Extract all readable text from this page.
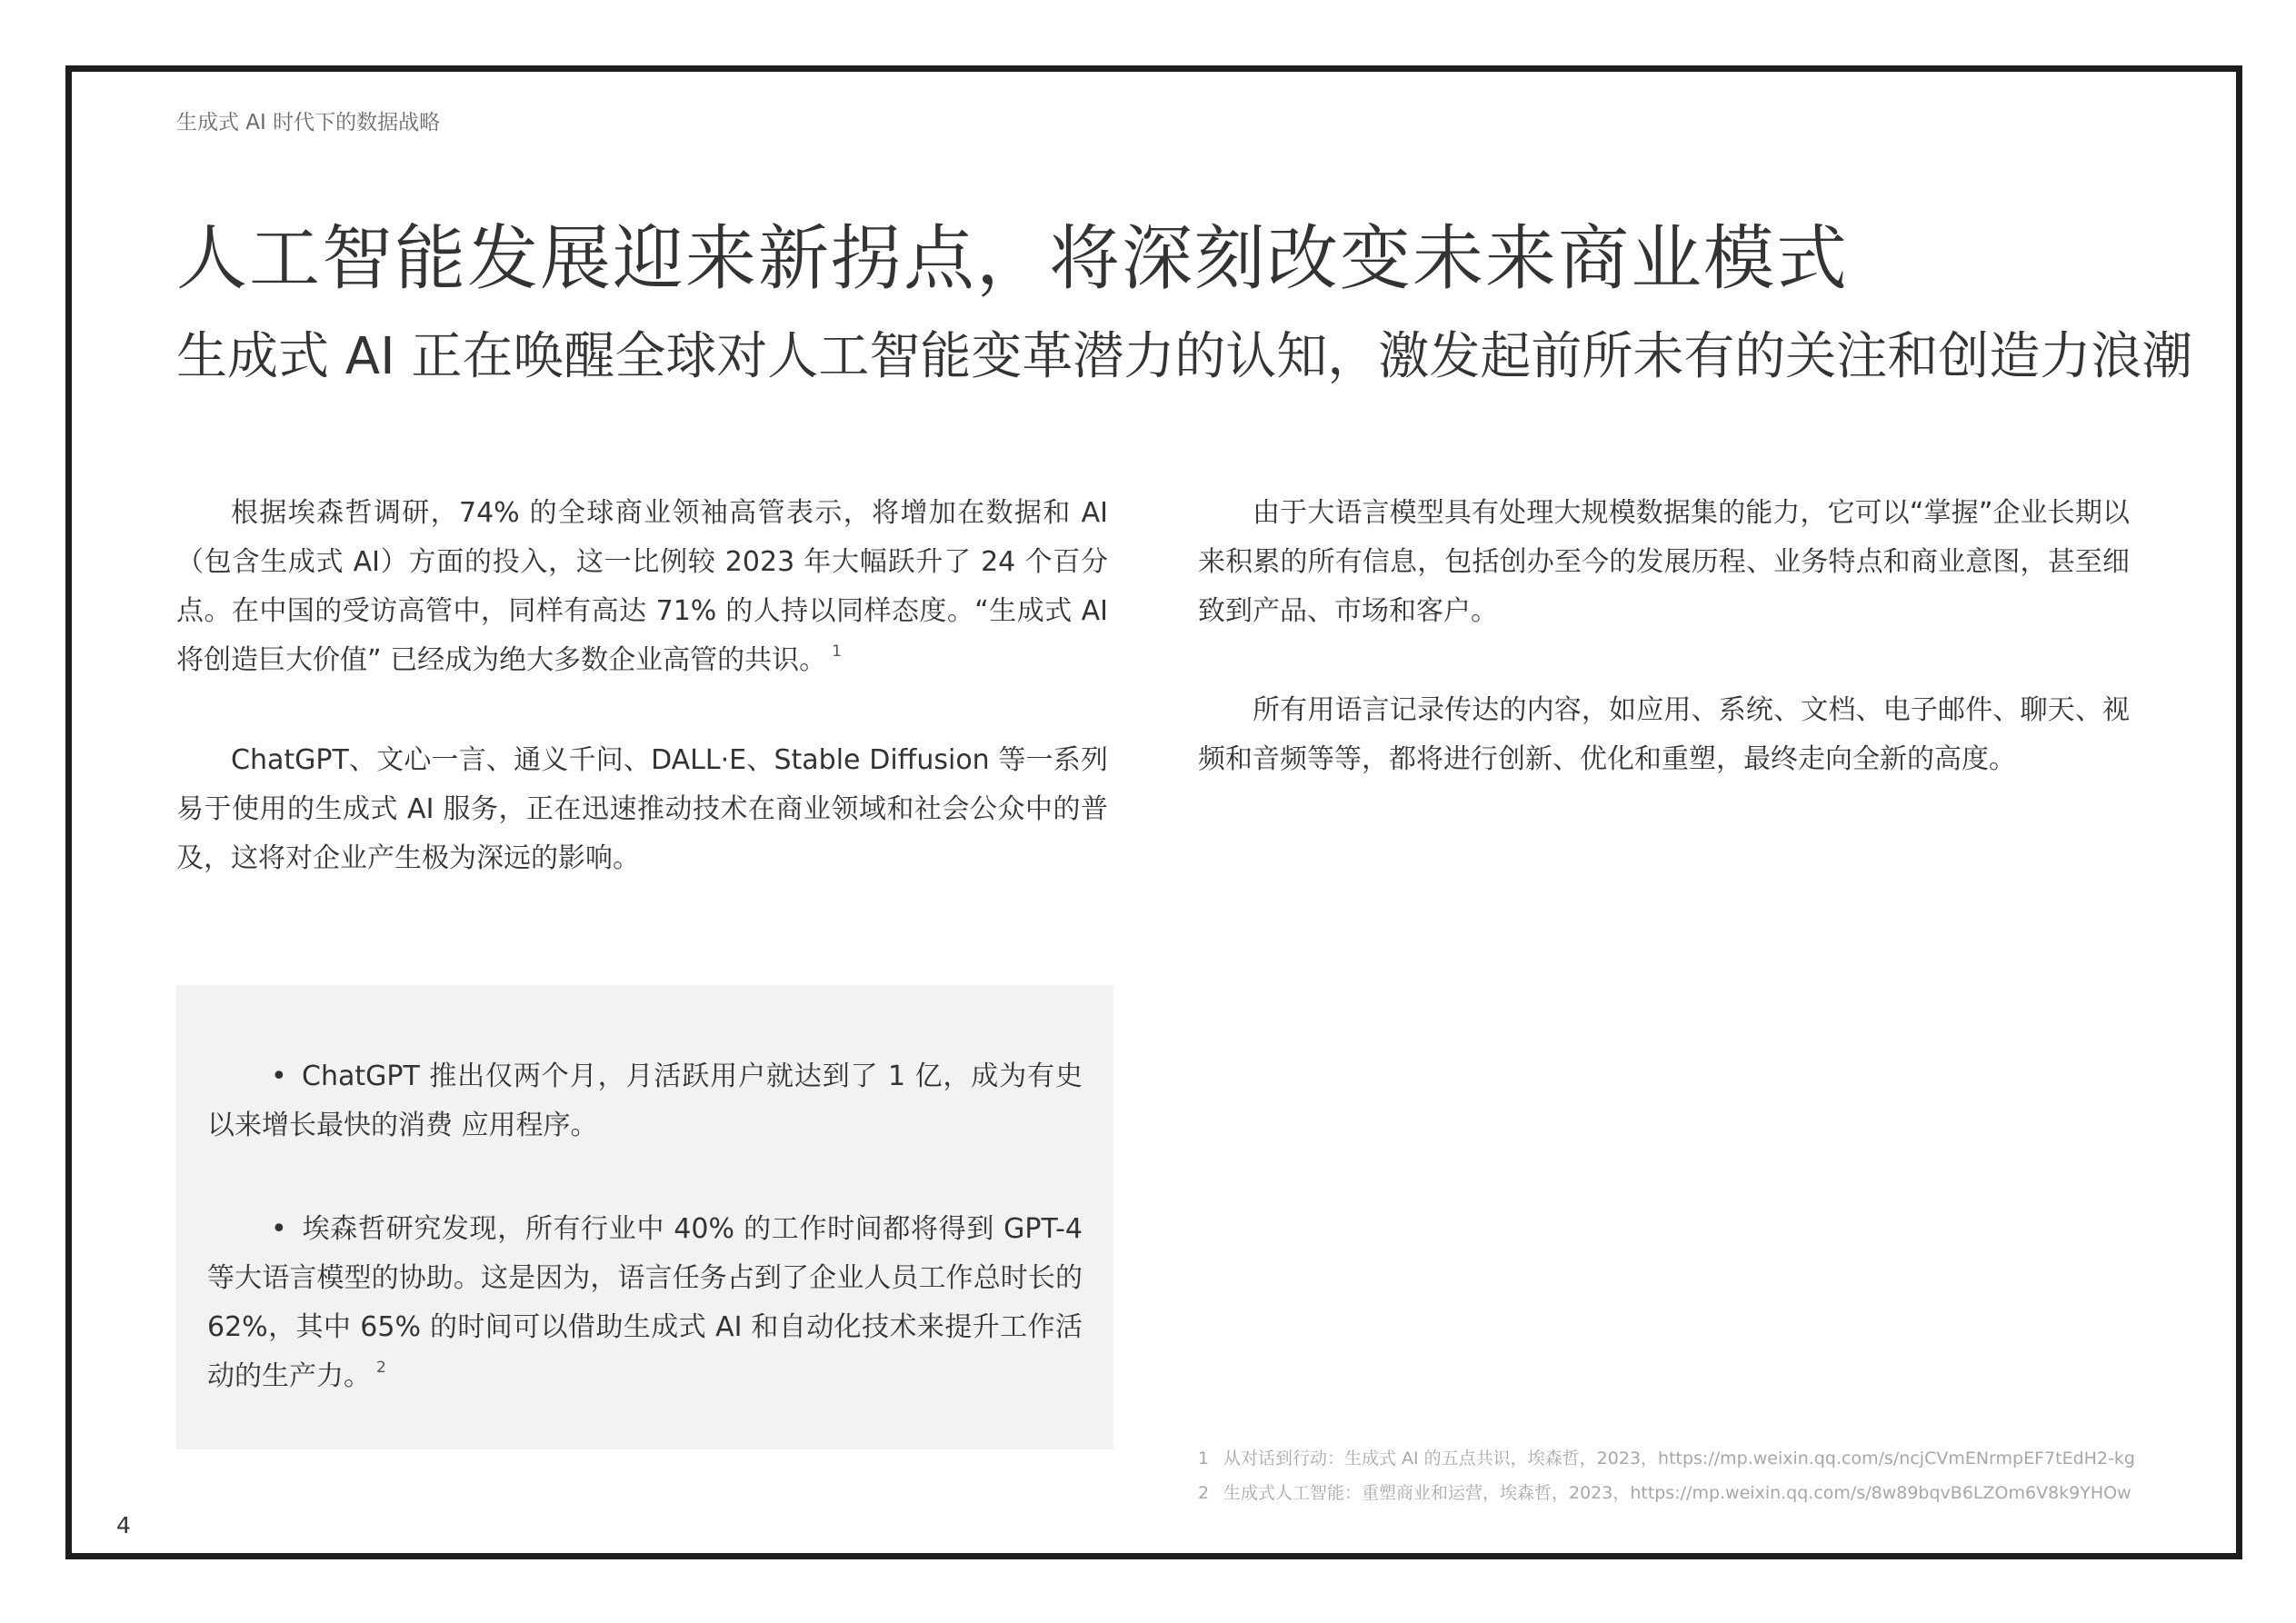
生成式 AI 时代下的数据战略
人工智能发展迎来新拐点，将深刻改变未来商业模式
生成式 AI 正在唤醒全球对人工智能变革潜力的认知，激发起前所未有的关注和创造力浪潮

根据埃森哲调研，74% 的全球商业领袖高管表示，将增加在数据和 AI（包含生成式 AI）方面的投入，这一比例较 2023 年大幅跃升了 24 个百分点。在中国的受访高管中，同样有高达 71% 的人持以同样态度。“生成式 AI 将创造巨大价值” 已经成为绝大多数企业高管的共识。 $^1$

ChatGPT、文心一言、通义千问、DALL·E、Stable Diffusion 等一系列易于使用的生成式 AI 服务，正在迅速推动技术在商业领域和社会公众中的普及，这将对企业产生极为深远的影响。

• ChatGPT 推出仅两个月，月活跃用户就达到了 1 亿，成为有史以来增长最快的消费 应用程序。

• 埃森哲研究发现，所有行业中 40% 的工作时间都将得到 GPT-4 等大语言模型的协助。这是因为，语言任务占到了企业人员工作总时长的 62%，其中 65% 的时间可以借助生成式 AI 和自动化技术来提升工作活动的生产力。 $^2$

由于大语言模型具有处理大规模数据集的能力，它可以“掌握”企业长期以来积累的所有信息，包括创办至今的发展历程、业务特点和商业意图，甚至细致到产品、市场和客户。

所有用语言记录传达的内容，如应用、系统、文档、电子邮件、聊天、视频和音频等等，都将进行创新、优化和重塑，最终走向全新的高度。

1 从对话到行动：生成式 AI 的五点共识，埃森哲，2023，https://mp.weixin.qq.com/s/ncjCVmENrmpEF7tEdH2-kg
2 生成式人工智能：重塑商业和运营，埃森哲，2023，https://mp.weixin.qq.com/s/8w89bqvB6LZOm6V8k9YHOw
4
